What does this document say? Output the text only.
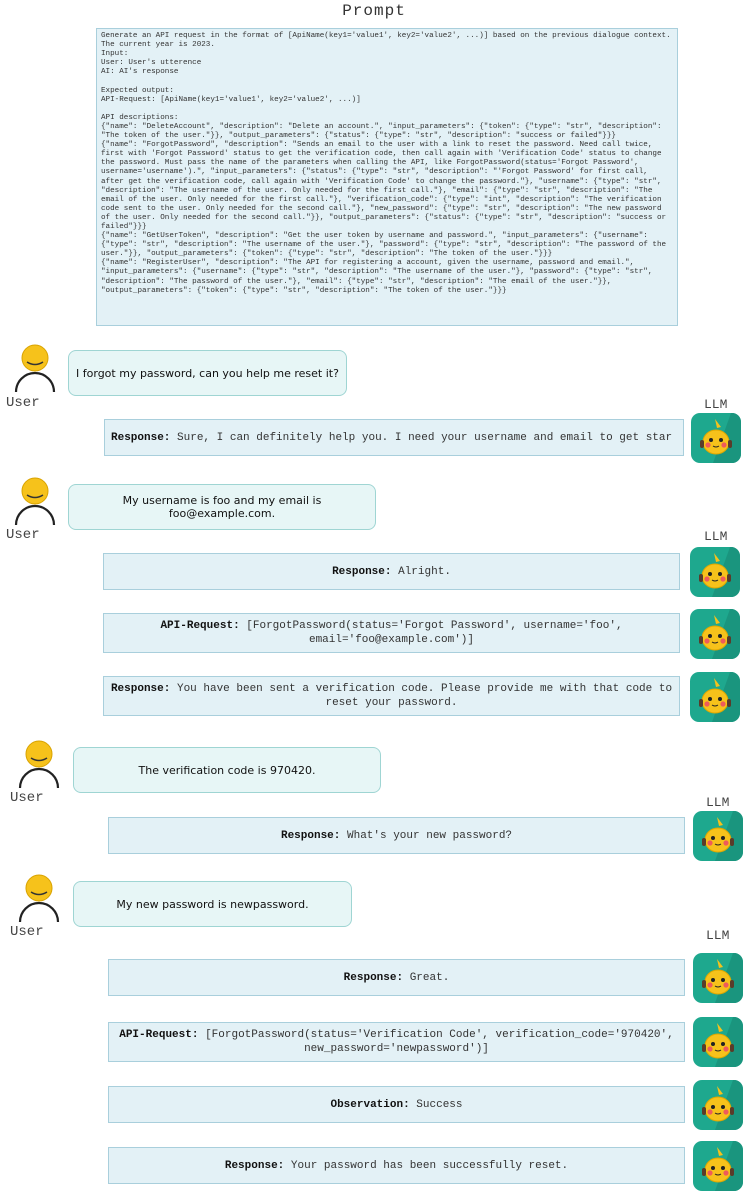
Prompt
Generate an API request in the format of [ApiName(key1='value1', key2='value2', ...)] based on the previous dialogue context.
The current year is 2023.
Input:
User: User's utterence
AI: AI's response

Expected output:
API-Request: [ApiName(key1='value1', key2='value2', ...)]

API descriptions:
{"name": "DeleteAccount", "description": "Delete an account.", "input_parameters": {"token": {"type": "str", "description": "The token of the user."}}, "output_parameters": {"status": {"type": "str", "description": "success or failed"}}}
{"name": "ForgotPassword", "description": "Sends an email to the user with a link to reset the password. Need call twice, first with 'Forgot Password' status to get the verification code, then call again with 'Verification Code' status to change the password. Must pass the name of the parameters when calling the API, like ForgotPassword(status='Forgot Password', username='username').", "input_parameters": {"status": {"type": "str", "description": "'Forgot Password' for first call, after get the verification code, call again with 'Verification Code' to change the password."}, "username": {"type": "str", "description": "The username of the user. Only needed for the first call."}, "email": {"type": "str", "description": "The email of the user. Only needed for the first call."}, "verification_code": {"type": "int", "description": "The verification code sent to the user. Only needed for the second call."}, "new_password": {"type": "str", "description": "The new password of the user. Only needed for the second call."}}, "output_parameters": {"status": {"type": "str", "description": "success or failed"}}}
{"name": "GetUserToken", "description": "Get the user token by username and password.", "input_parameters": {"username": {"type": "str", "description": "The username of the user."}, "password": {"type": "str", "description": "The password of the user."}}, "output_parameters": {"token": {"type": "str", "description": "The token of the user."}}}
{"name": "RegisterUser", "description": "The API for registering a account, given the username, password and email.", "input_parameters": {"username": {"type": "str", "description": "The username of the user."}, "password": {"type": "str", "description": "The password of the user."}, "email": {"type": "str", "description": "The email of the user."}}, "output_parameters": {"token": {"type": "str", "description": "The token of the user."}}}
User
I forgot my password, can you help me reset it?
LLM
Response:
Sure, I can definitely help you. I need your username and email to get star
User
My username is foo and my email is foo@example.com.
LLM
Response:
Alright.
API-Request: [ForgotPassword(status='Forgot Password', username='foo', email='foo@example.com')]
Response: You have been sent a verification code. Please provide me with that code to reset your password.
User
The verification code is 970420.
LLM
Response:
What's your new password?
User
My new password is newpassword.
LLM
Response:
Great.
API-Request: [ForgotPassword(status='Verification Code', verification_code='970420', new_password='newpassword')]
Observation:
Success
Response:
Your password has been successfully reset.
